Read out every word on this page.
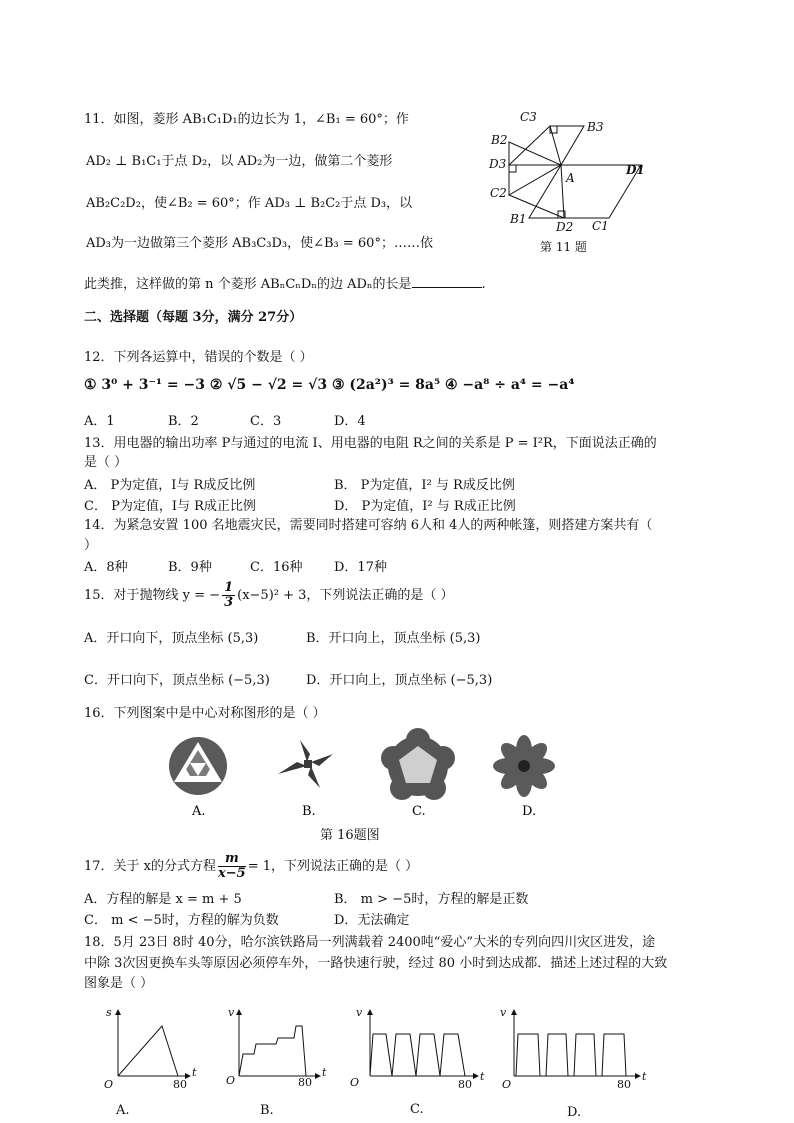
11．如图，菱形 AB₁C₁D₁的边长为 1，∠B₁ = 60°；作
AD₂ ⊥ B₁C₁于点 D₂，以 AD₂为一边，做第二个菱形
AB₂C₂D₂，使∠B₂ = 60°；作 AD₃ ⊥ B₂C₂于点 D₃，以
AD₃为一边做第三个菱形 AB₃C₃D₃，使∠B₃ = 60°；……依
此类推，这样做的第 n 个菱形 ABₙCₙDₙ的边 ADₙ的长是	.
C3
B3
B2
D3
A
D1
C2
B1
D2 C1
第 11 题
二、选择题（每题 3分，满分 27分）
12．下列各运算中，错误的个数是（ ）
① 3⁰ + 3⁻¹ = −3 ② √5 − √2 = √3 ③ (2a²)³ = 8a⁵ ④ −a⁸ ÷ a⁴ = −a⁴
A．1	B．2	C．3	D．4
13．用电器的输出功率 P与通过的电流 I、用电器的电阻 R之间的关系是 P = I²R，下面说法正确的
是（ ）
A． P为定值，I与 R成反比例	B． P为定值，I² 与 R成反比例
C． P为定值，I与 R成正比例	D． P为定值，I² 与 R成正比例
14．为紧急安置 100 名地震灾民，需要同时搭建可容纳 6人和 4人的两种帐篷，则搭建方案共有（
）
A．8种	B．9种	C．16种 D．17种
15．对于抛物线 y = − $\frac{1}{3} (x-5)^2 + 3$，下列说法正确的是（ ）
A．开口向下，顶点坐标 (5,3)	B．开口向上，顶点坐标 (5,3)
C．开口向下，顶点坐标 (−5,3)	D．开口向上，顶点坐标 (−5,3)
16．下列图案中是中心对称图形的是（ ）
A.	B.	C.	D.
第 16题图
17．关于 x的分式方程 $\frac{m}{x-5} = 1$，下列说法正确的是（ ）
A．方程的解是 x = m + 5	B． m > −5时，方程的解是正数
C． m < −5时，方程的解为负数	D．无法确定
18．5月 23日 8时 40分，哈尔滨铁路局一列满载着 2400吨“爱心”大米的专列向四川灾区进发，途
中除 3次因更换车头等原因必须停车外，一路快速行驶，经过 80 小时到达成都．描述上述过程的大致
图象是（ ）
s
t
O	80
A.
v
t
O	80
B.
v
t
O	80
C.
v
t
O	80
D.
